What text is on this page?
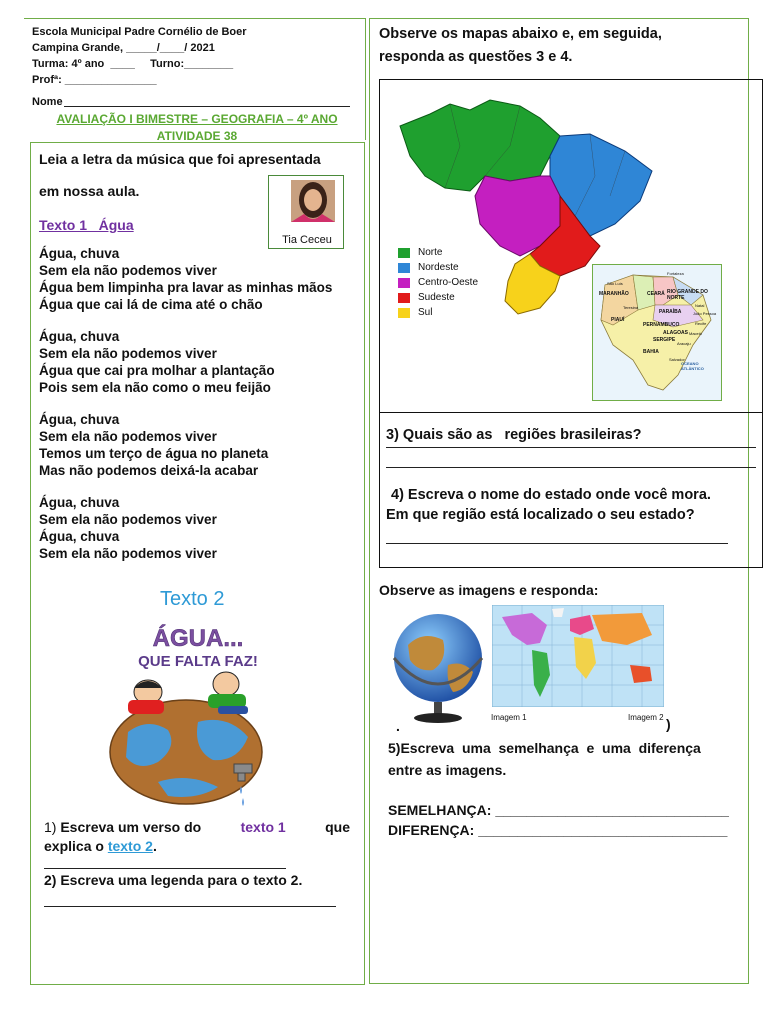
Escola Municipal Padre Cornélio de Boer
Campina Grande, _____/____/ 2021
Turma: 4º ano  ____     Turno:________
Profª: _______________
Nome
AVALIAÇÃO I BIMESTRE – GEOGRAFIA – 4º ANO
ATIVIDADE 38
Leia a letra da música que foi apresentada
em nossa aula.
Tia Ceceu
Texto 1   Água

Água, chuva

Sem ela não podemos viver

Água bem limpinha pra lavar as minhas mãos

Água que cai lá de cima até o chão

Água, chuva

Sem ela não podemos viver

Água que cai pra molhar a plantação

Pois sem ela não como o meu feijão

Água, chuva

Sem ela não podemos viver

Temos um terço de água no planeta

Mas não podemos deixá-la acabar

Água, chuva

Sem ela não podemos viver

Água, chuva

Sem ela não podemos viver

Texto 2
ÁGUA...
QUE FALTA FAZ!
1) Escreva um verso do	texto 1	que
explica o texto 2.
2) Escreva uma legenda para o texto 2.
Observe os mapas abaixo e, em seguida,
responda as questões 3 e 4.
Norte
Nordeste
Centro-Oeste
Sudeste
Sul
MARANHÃO	CEARÁ RIO GRANDE DO NORTE
PIAUÍ
PARAÍBA
PERNAMBUCO
ALAGOAS
SERGIPE
BAHIA
Fortaleza
Natal
João Pessoa
Recife
Maceió
Aracaju
Salvador
Teresina
São Luís
OCEANO ATLÂNTICO
3) Quais são as   regiões brasileiras?
4) Escreva o nome do estado onde você mora.
Em que região está localizado o seu estado?
Observe as imagens e responda:
Imagem 1	Imagem 2
.	)
5)Escreva  uma  semelhança  e  uma  diferença
entre as imagens.
SEMELHANÇA: ______________________________
DIFERENÇA: ________________________________
